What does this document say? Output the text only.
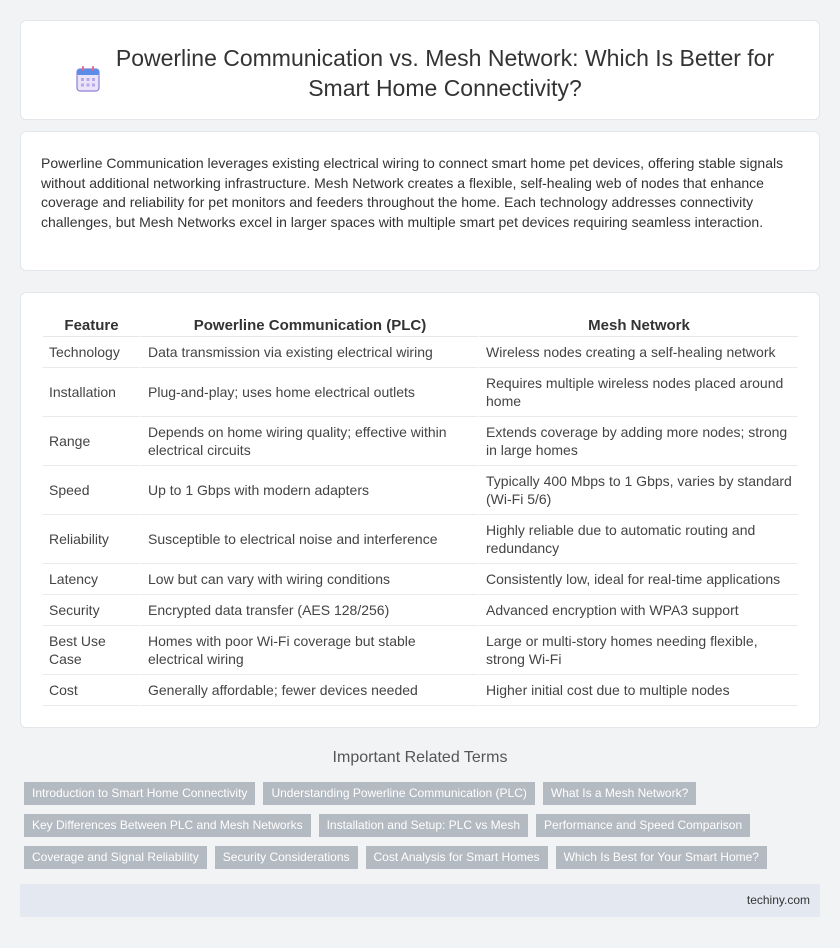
Powerline Communication vs. Mesh Network: Which Is Better for Smart Home Connectivity?

Powerline Communication leverages existing electrical wiring to connect smart home pet devices, offering stable signals without additional networking infrastructure. Mesh Network creates a flexible, self-healing web of nodes that enhance coverage and reliability for pet monitors and feeders throughout the home. Each technology addresses connectivity challenges, but Mesh Networks excel in larger spaces with multiple smart pet devices requiring seamless interaction.

Feature	Powerline Communication (PLC)	Mesh Network
Technology	Data transmission via existing electrical wiring	Wireless nodes creating a self-healing network
Installation	Plug-and-play; uses home electrical outlets	Requires multiple wireless nodes placed around home
Range	Depends on home wiring quality; effective within electrical circuits	Extends coverage by adding more nodes; strong in large homes
Speed	Up to 1 Gbps with modern adapters	Typically 400 Mbps to 1 Gbps, varies by standard (Wi-Fi 5/6)
Reliability	Susceptible to electrical noise and interference	Highly reliable due to automatic routing and redundancy
Latency	Low but can vary with wiring conditions	Consistently low, ideal for real-time applications
Security	Encrypted data transfer (AES 128/256)	Advanced encryption with WPA3 support
Best Use Case	Homes with poor Wi-Fi coverage but stable electrical wiring	Large or multi-story homes needing flexible, strong Wi-Fi
Cost	Generally affordable; fewer devices needed	Higher initial cost due to multiple nodes
Important Related Terms
Introduction to Smart Home Connectivity	Understanding Powerline Communication (PLC)	What Is a Mesh Network?
Key Differences Between PLC and Mesh Networks	Installation and Setup: PLC vs Mesh	Performance and Speed Comparison
Coverage and Signal Reliability	Security Considerations	Cost Analysis for Smart Homes	Which Is Best for Your Smart Home?
techiny.com
